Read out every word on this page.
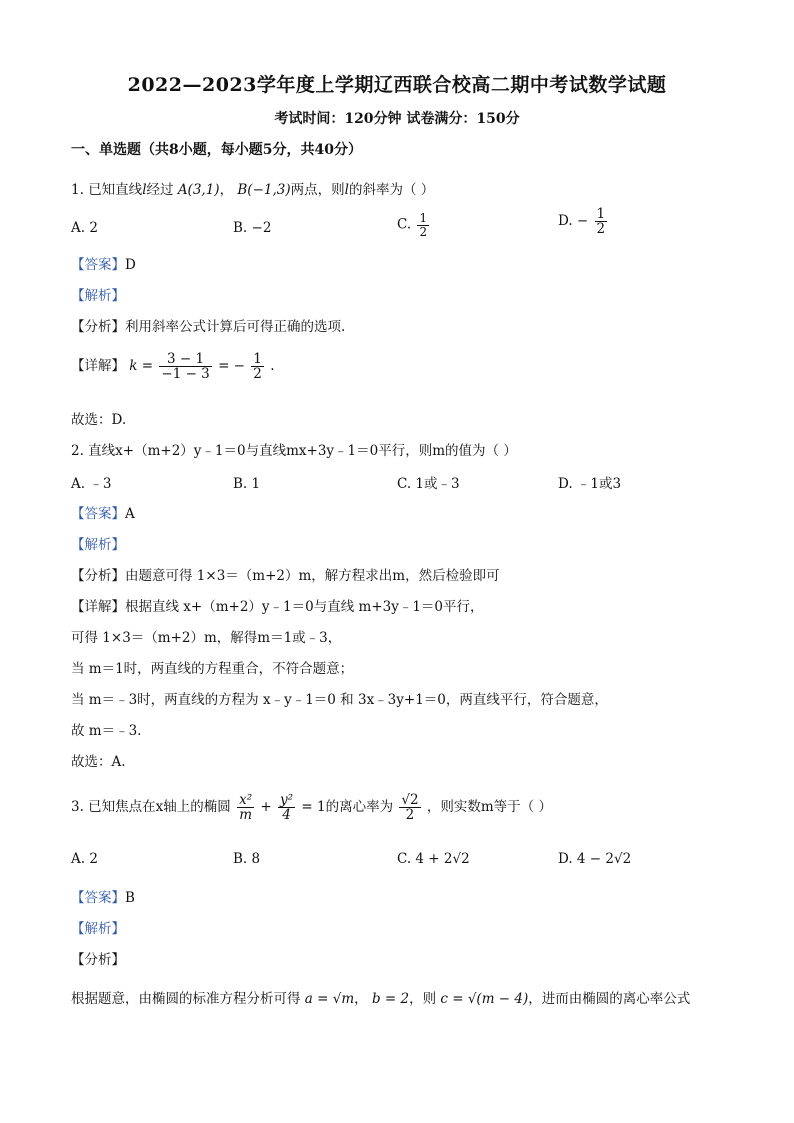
2022—2023学年度上学期辽西联合校高二期中考试数学试题
考试时间：120分钟 试卷满分：150分
一、单选题（共8小题，每小题5分，共40分）
1. 已知直线l经过 A(3,1)， B(−1,3)两点，则l的斜率为（ ）
A. 2	B. −2	C. $\frac{1}{2}$	D. − $\frac{1}{2}$
【答案】D
【解析】
【分析】利用斜率公式计算后可得正确的选项.
【详解】 $k = \frac{3 - 1}{-1 - 3}$ = − $\frac{1}{2}$ .
故选：D.
2. 直线x+（m+2）y﹣1＝0与直线mx+3y﹣1＝0平行，则m的值为（ ）
A. ﹣3	B. 1	C. 1或﹣3	D. ﹣1或3
【答案】A
【解析】
【分析】由题意可得 1×3＝（m+2）m，解方程求出m，然后检验即可
【详解】根据直线 x+（m+2）y﹣1＝0与直线 m+3y﹣1＝0平行，
可得 1×3＝（m+2）m，解得m＝1或﹣3，
当 m＝1时，两直线的方程重合，不符合题意；
当 m＝﹣3时，两直线的方程为 x﹣y﹣1＝0 和 3x﹣3y+1＝0，两直线平行，符合题意，
故 m＝﹣3.
故选：A.
3. 已知焦点在x轴上的椭圆 $\frac{\text{x²}}{m} + \frac{\text{y²}}{4} = 1$的离心率为 $\frac{√2}{2}$ ，则实数m等于（ ）
A. 2	B. 8	C. 4 + 2√2	D. 4 − 2√2
【答案】B
【解析】
【分析】
根据题意，由椭圆的标准方程分析可得 a = √m， b = 2，则 c = √(m − 4)，进而由椭圆的离心率公式
